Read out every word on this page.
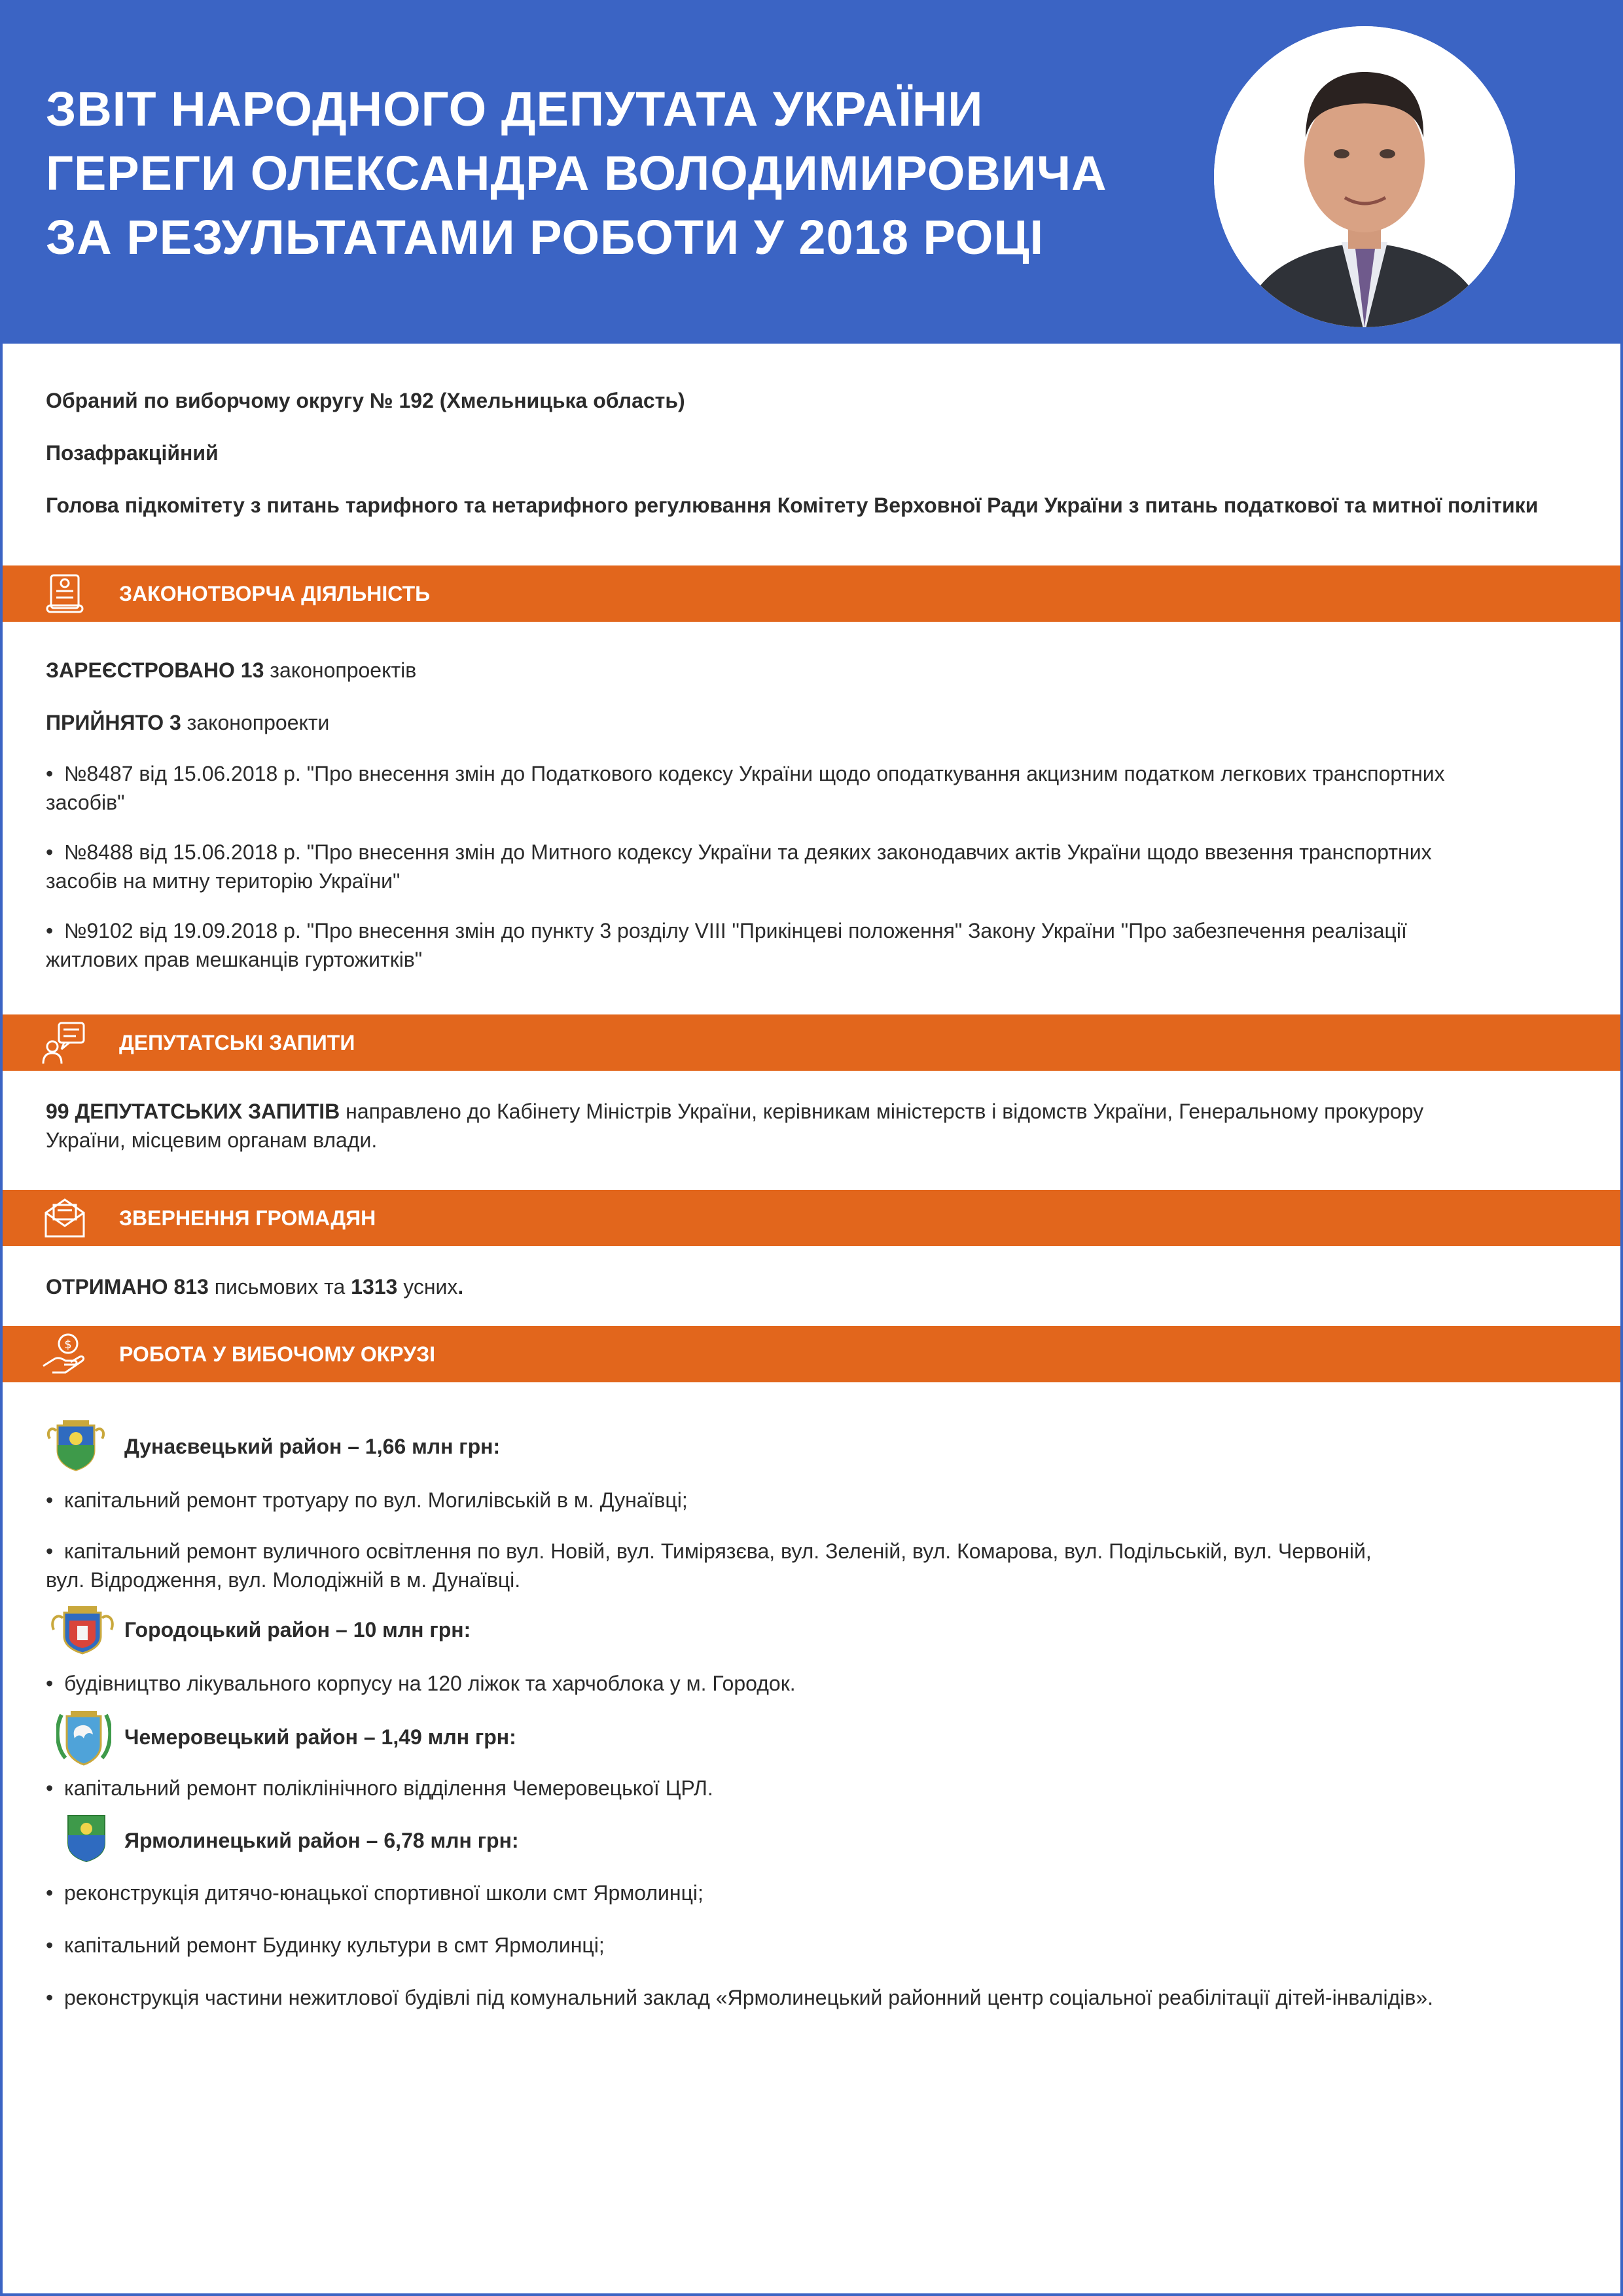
ЗВІТ НАРОДНОГО ДЕПУТАТА УКРАЇНИ
ГЕРЕГИ ОЛЕКСАНДРА ВОЛОДИМИРОВИЧА
ЗА РЕЗУЛЬТАТАМИ РОБОТИ У 2018 РОЦІ

Обраний по виборчому округу № 192 (Хмельницька область)

Позафракційний

Голова підкомітету з питань тарифного та нетарифного регулювання Комітету Верховної Ради України з питань податкової та митної політики

ЗАКОНОТВОРЧА ДІЯЛЬНІСТЬ

ЗАРЕЄСТРОВАНО 13 законопроектів

ПРИЙНЯТО 3 законопроекти

• №8487 від 15.06.2018 р. "Про внесення змін до Податкового кодексу України щодо оподаткування акцизним податком легкових транспортних
засобів"
• №8488 від 15.06.2018 р. "Про внесення змін до Митного кодексу України та деяких законодавчих актів України щодо ввезення транспортних
засобів на митну територію України"
• №9102 від 19.09.2018 р. "Про внесення змін до пункту 3 розділу VIII "Прикінцеві положення" Закону України "Про забезпечення реалізації
житлових прав мешканців гуртожитків"
ДЕПУТАТСЬКІ ЗАПИТИ
99 ДЕПУТАТСЬКИХ ЗАПИТІВ направлено до Кабінету Міністрів України, керівникам міністерств і відомств України, Генеральному прокурору
України, місцевим органам влади.
ЗВЕРНЕННЯ ГРОМАДЯН

ОТРИМАНО 813 письмових та 1313 усних.

$ РОБОТА У ВИБОЧОМУ ОКРУЗІ

Дунаєвецький район – 1,66 млн грн:

• капітальний ремонт тротуару по вул. Могилівській в м. Дунаївці;
• капітальний ремонт вуличного освітлення по вул. Новій, вул. Тимірязєва, вул. Зеленій, вул. Комарова, вул. Подільській, вул. Червоній,
вул. Відродження, вул. Молодіжній в м. Дунаївці.

Городоцький район – 10 млн грн:

• будівництво лікувального корпусу на 120 ліжок та харчоблока у м. Городок.

Чемеровецький район – 1,49 млн грн:

• капітальний ремонт поліклінічного відділення Чемеровецької ЦРЛ.

Ярмолинецький район – 6,78 млн грн:

• реконструкція дитячо-юнацької спортивної школи смт Ярмолинці;
• капітальний ремонт Будинку культури в смт Ярмолинці;
• реконструкція частини нежитлової будівлі під комунальний заклад «Ярмолинецький районний центр соціальної реабілітації дітей-інвалідів».
